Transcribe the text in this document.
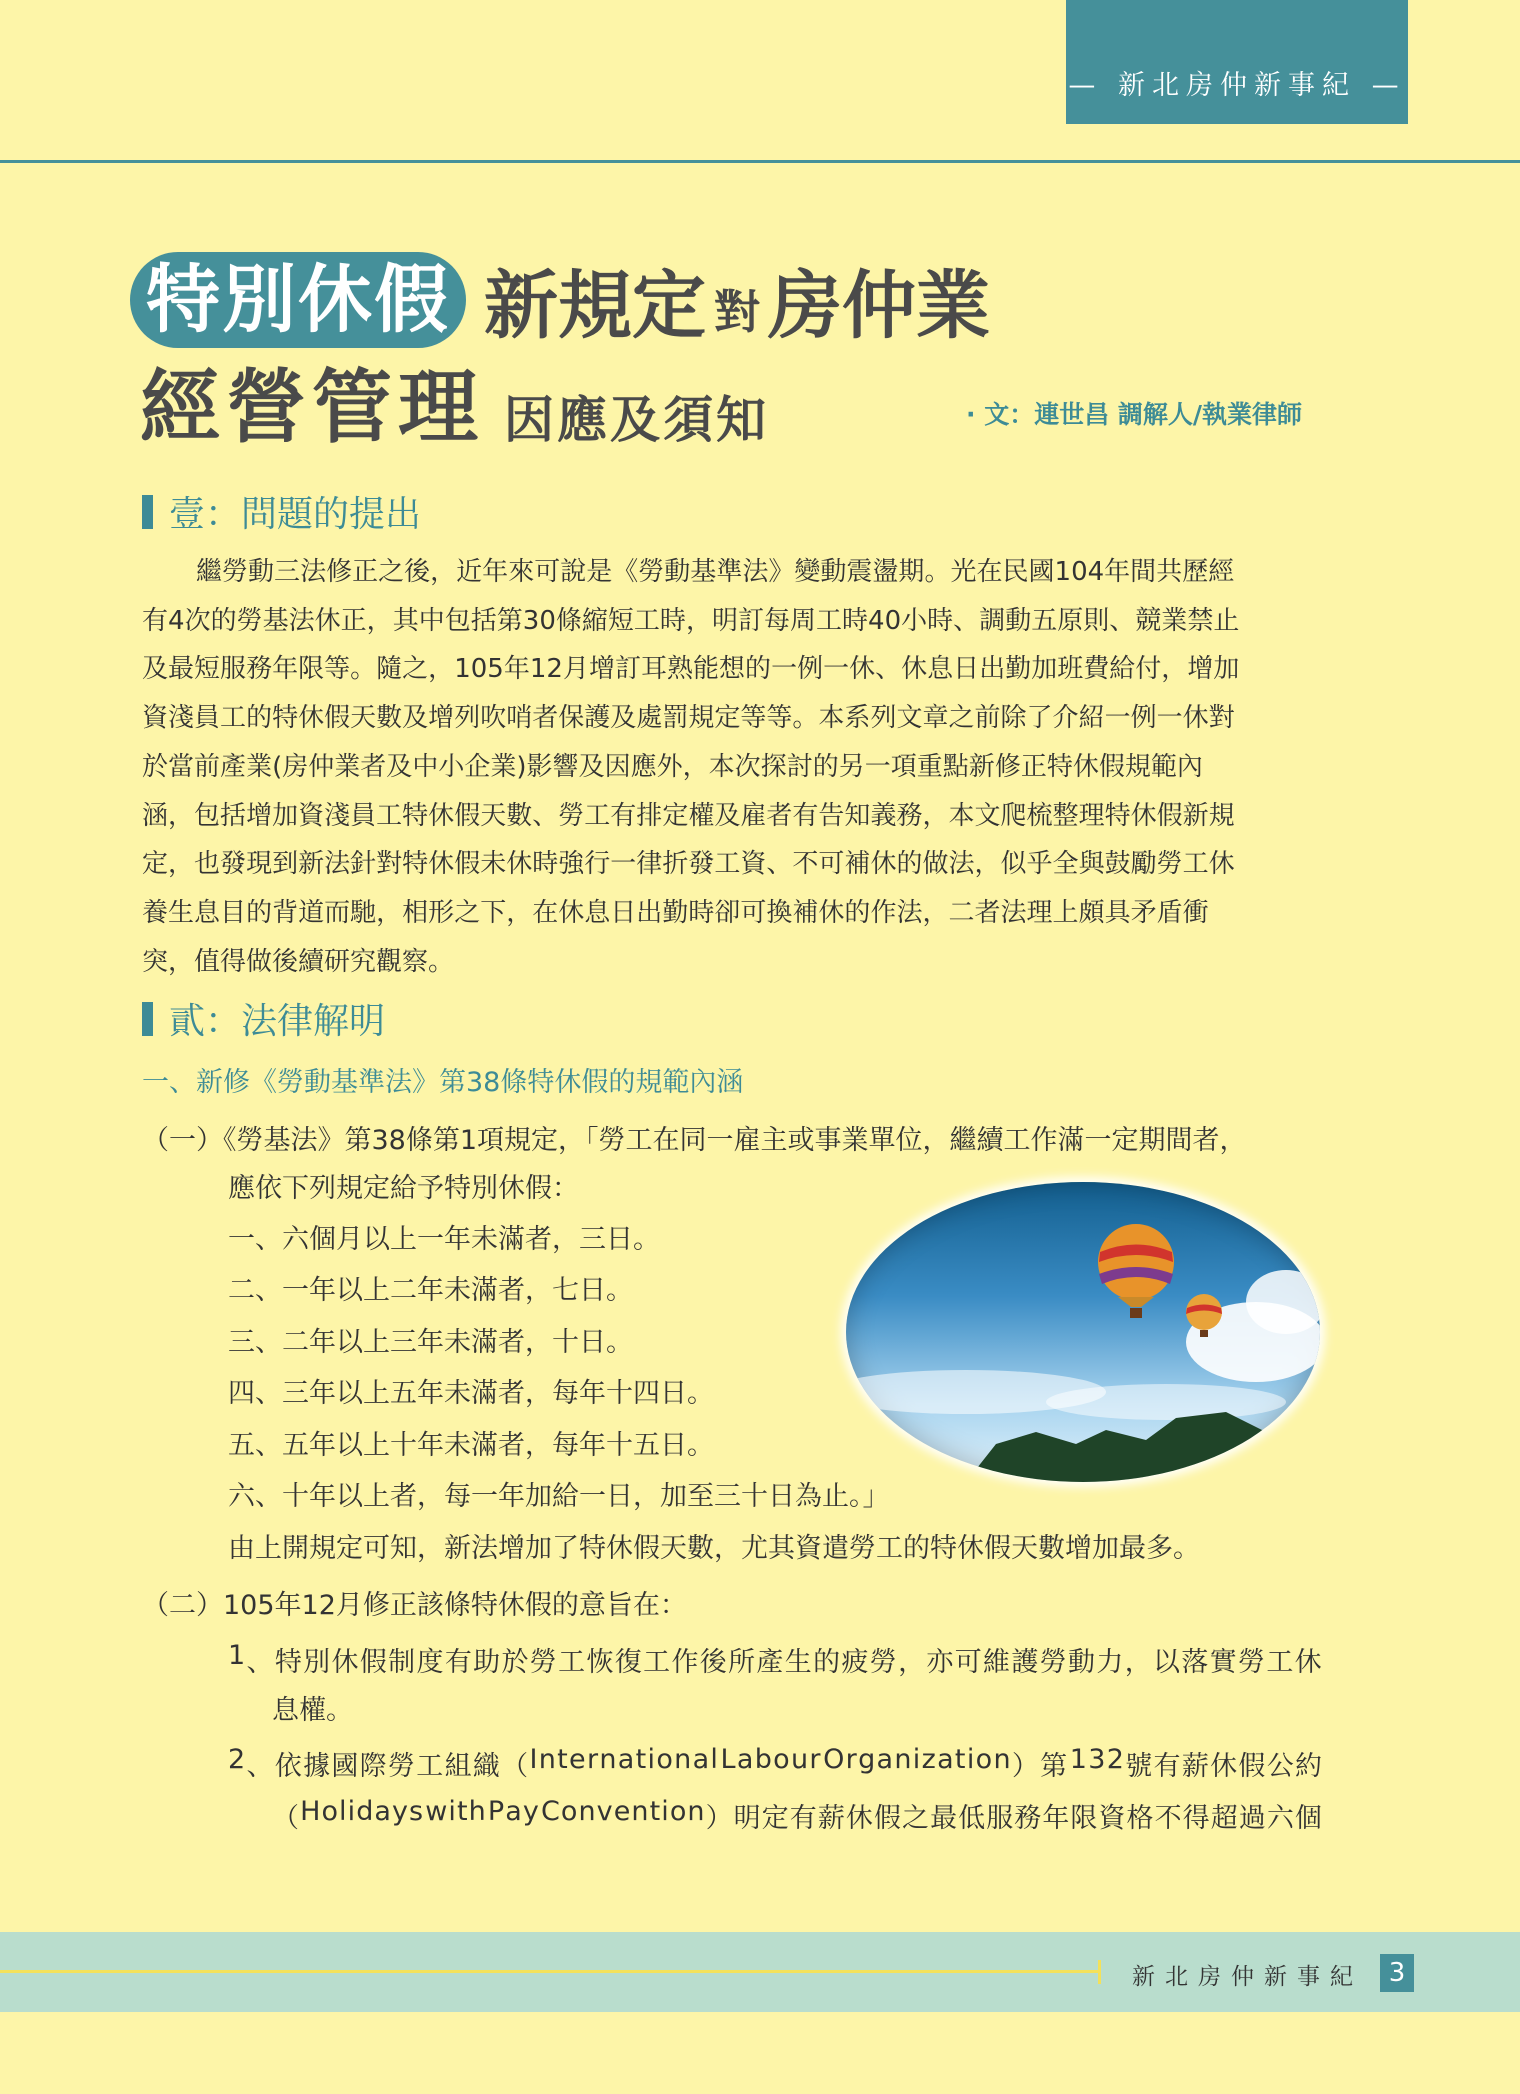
— 新北房仲新事紀 —
特別休假 新規定 對 房仲業
經營管理 因應及須知	· 文：連世昌 調解人/執業律師
壹：問題的提出
繼勞動三法修正之後，近年來可說是《勞動基準法》變動震盪期。光在民國104年間共歷經
有4次的勞基法休正，其中包括第30條縮短工時，明訂每周工時40小時、調動五原則、競業禁止
及最短服務年限等。隨之，105年12月增訂耳熟能想的一例一休、休息日出勤加班費給付，增加
資淺員工的特休假天數及增列吹哨者保護及處罰規定等等。本系列文章之前除了介紹一例一休對
於當前產業(房仲業者及中小企業)影響及因應外，本次探討的另一項重點新修正特休假規範內
涵，包括增加資淺員工特休假天數、勞工有排定權及雇者有告知義務，本文爬梳整理特休假新規
定，也發現到新法針對特休假未休時強行一律折發工資、不可補休的做法，似乎全與鼓勵勞工休
養生息目的背道而馳，相形之下，在休息日出勤時卻可換補休的作法，二者法理上頗具矛盾衝
突，值得做後續研究觀察。
貳：法律解明
一、新修《勞動基準法》第38條特休假的規範內涵
（一）《勞基法》第38條第1項規定，「勞工在同一雇主或事業單位，繼續工作滿一定期間者，
應依下列規定給予特別休假：
一、六個月以上一年未滿者，三日。
二、一年以上二年未滿者，七日。
三、二年以上三年未滿者，十日。
四、三年以上五年未滿者，每年十四日。
五、五年以上十年未滿者，每年十五日。
六、十年以上者，每一年加給一日，加至三十日為止。」
由上開規定可知，新法增加了特休假天數，尤其資遣勞工的特休假天數增加最多。
（二）105年12月修正該條特休假的意旨在：
1 、 特 別 休 假 制 度 有 助 於 勞 工 恢 復 工 作 後 所 產 生 的 疲 勞 ， 亦 可 維 護 勞 動 力 ， 以 落 實 勞 工 休
息權。
2 、 依 據 國 際 勞 工 組 織 （ I n t e r n a t i o n a l L a b o u r O r g a n i z a t i o n ） 第 1 3 2 號 有 薪 休 假 公 約
（ H o l i d a y s w i t h P a y C o n v e n t i o n ） 明 定 有 薪 休 假 之 最 低 服 務 年 限 資 格 不 得 超 過 六 個
新北房仲新事紀 3
